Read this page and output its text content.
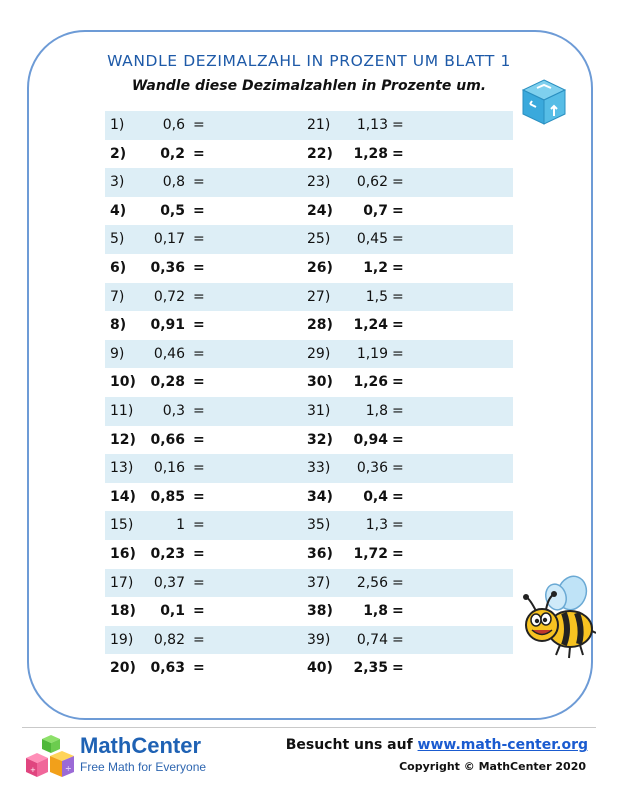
WANDLE DEZIMALZAHL IN PROZENT UM BLATT 1
Wandle diese Dezimalzahlen in Prozente um.
1)	0,6 =	21)	1,13 =
2)	0,2 =	22)	1,28 =
3)	0,8 =	23)	0,62 =
4)	0,5 =	24)	0,7 =
5)	0,17 =	25)	0,45 =
6)	0,36 =	26)	1,2 =
7)	0,72 =	27)	1,5 =
8)	0,91 =	28)	1,24 =
9)	0,46 =	29)	1,19 =
10)	0,28 =	30)	1,26 =
11)	0,3 =	31)	1,8 =
12)	0,66 =	32)	0,94 =
13)	0,16 =	33)	0,36 =
14)	0,85 =	34)	0,4 =
15)	1 =	35)	1,3 =
16)	0,23 =	36)	1,72 =
17)	0,37 =	37)	2,56 =
18)	0,1 =	38)	1,8 =
19)	0,82 =	39)	0,74 =
20)	0,63 =	40)	2,35 =
+	÷
MathCenter
Free Math for Everyone
Besucht uns auf www.math-center.org
Copyright © MathCenter 2020
